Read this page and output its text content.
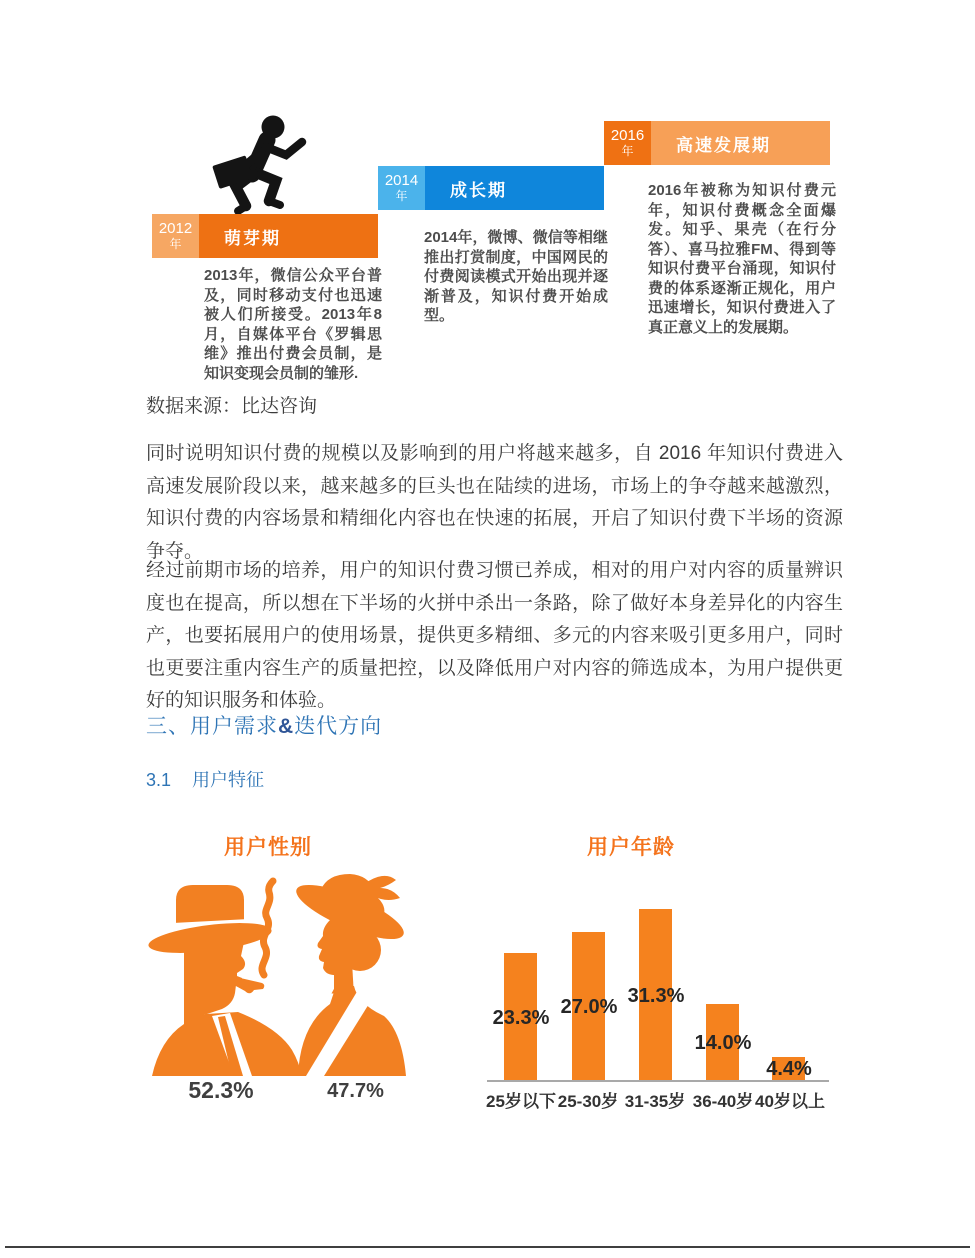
2012
年	萌芽期
2013年，微信公众平台普及，同时移动支付也迅速被人们所接受。2013年8月，自媒体平台《罗辑思维》推出付费会员制，是知识变现会员制的雏形.
2014
年	成长期
2014年，微博、微信等相继推出打赏制度，中国网民的付费阅读模式开始出现并逐渐普及，知识付费开始成型。
2016
年	高速发展期
2016年被称为知识付费元年，知识付费概念全面爆发。知乎、果壳（在行分答）、喜马拉雅FM、得到等知识付费平台涌现，知识付费的体系逐渐正规化，用户迅速增长，知识付费进入了真正意义上的发展期。
数据来源：比达咨询
同时说明知识付费的规模以及影响到的用户将越来越多，自 2016 年知识付费进入高速发展阶段以来，越来越多的巨头也在陆续的进场，市场上的争夺越来越激烈，知识付费的内容场景和精细化内容也在快速的拓展，开启了知识付费下半场的资源争夺。
经过前期市场的培养，用户的知识付费习惯已养成，相对的用户对内容的质量辨识度也在提高，所以想在下半场的火拼中杀出一条路，除了做好本身差异化的内容生产，也要拓展用户的使用场景，提供更多精细、多元的内容来吸引更多用户，同时也更要注重内容生产的质量把控，以及降低用户对内容的筛选成本，为用户提供更好的知识服务和体验。
三、用户需求&迭代方向
3.1 用户特征
用户性别
52.3%	47.7%
用户年龄
23.3% 27.0% 31.3%
14.0%
4.4%
25岁以下 25-30岁 31-35岁 36-40岁 40岁以上
